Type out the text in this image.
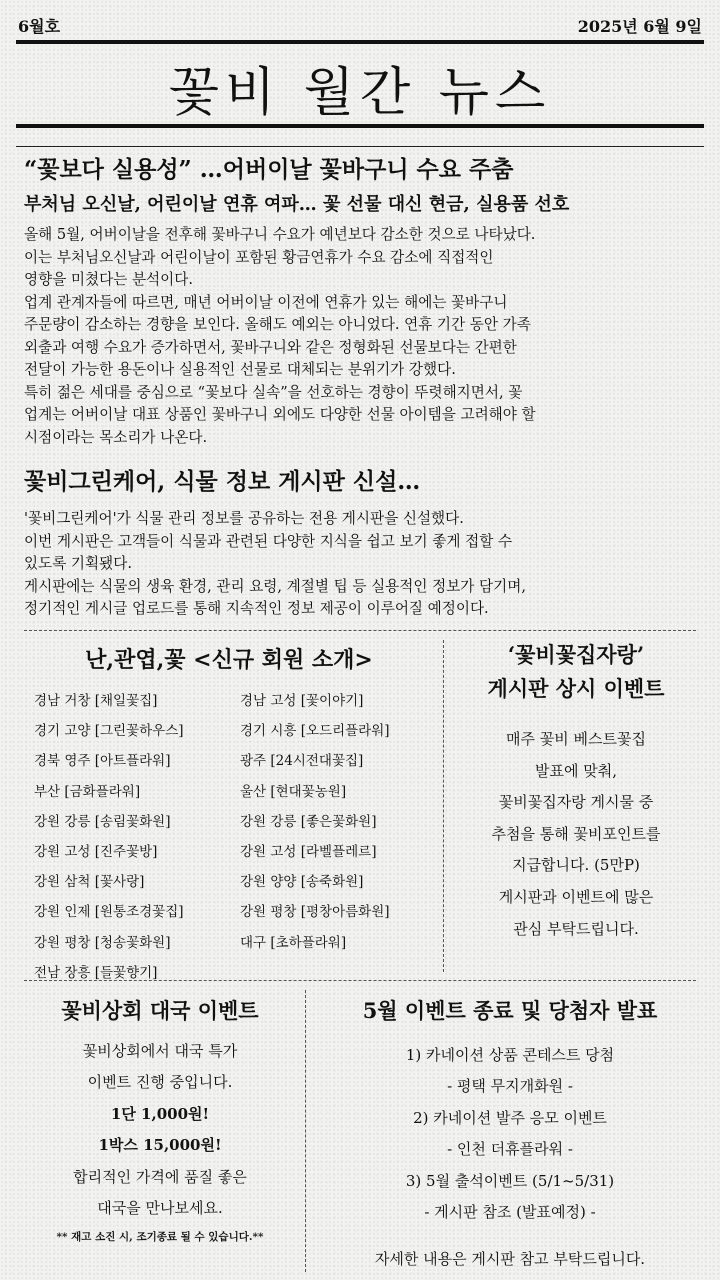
6월호	2025년 6월 9일
꽃비 월간 뉴스
“꽃보다 실용성” …어버이날 꽃바구니 수요 주춤
부처님 오신날, 어린이날 연휴 여파… 꽃 선물 대신 현금, 실용품 선호

올해 5월, 어버이날을 전후해 꽃바구니 수요가 예년보다 감소한 것으로 나타났다.

이는 부처님오신날과 어린이날이 포함된 황금연휴가 수요 감소에 직접적인

영향을 미쳤다는 분석이다.

업계 관계자들에 따르면, 매년 어버이날 이전에 연휴가 있는 해에는 꽃바구니

주문량이 감소하는 경향을 보인다. 올해도 예외는 아니었다. 연휴 기간 동안 가족

외출과 여행 수요가 증가하면서, 꽃바구니와 같은 정형화된 선물보다는 간편한

전달이 가능한 용돈이나 실용적인 선물로 대체되는 분위기가 강했다.

특히 젊은 세대를 중심으로 “꽃보다 실속”을 선호하는 경향이 뚜렷해지면서, 꽃

업계는 어버이날 대표 상품인 꽃바구니 외에도 다양한 선물 아이템을 고려해야 할

시점이라는 목소리가 나온다.

꽃비그린케어, 식물 정보 게시판 신설…

'꽃비그린케어'가 식물 관리 정보를 공유하는 전용 게시판을 신설했다.

이번 게시판은 고객들이 식물과 관련된 다양한 지식을 쉽고 보기 좋게 접할 수

있도록 기획됐다.

게시판에는 식물의 생육 환경, 관리 요령, 계절별 팁 등 실용적인 정보가 담기며,

정기적인 게시글 업로드를 통해 지속적인 정보 제공이 이루어질 예정이다.

난,관엽,꽃 <신규 회원 소개>
경남 거창 [채일꽃집]
경기 고양 [그린꽃하우스]
경북 영주 [아트플라워]
부산 [금화플라워]
강원 강릉 [송림꽃화원]
강원 고성 [진주꽃방]
강원 삼척 [꽃사랑]
강원 인제 [원통조경꽃집]
강원 평창 [청송꽃화원]
전남 장흥 [들꽃향기]
경남 고성 [꽃이야기]
경기 시흥 [오드리플라워]
광주 [24시전대꽃집]
울산 [현대꽃농원]
강원 강릉 [좋은꽃화원]
강원 고성 [라벨플레르]
강원 양양 [송죽화원]
강원 평창 [평창아름화원]
대구 [초하플라워]
‘꽃비꽃집자랑’
게시판 상시 이벤트

매주 꽃비 베스트꽃집

발표에 맞춰,

꽃비꽃집자랑 게시물 중

추첨을 통해 꽃비포인트를

지급합니다. (5만P)

게시판과 이벤트에 많은

관심 부탁드립니다.

꽃비상회 대국 이벤트

꽃비상회에서 대국 특가

이벤트 진행 중입니다.

1단 1,000원!

1박스 15,000원!

합리적인 가격에 품질 좋은

대국을 만나보세요.

** 재고 소진 시, 조기종료 될 수 있습니다.**
5월 이벤트 종료 및 당첨자 발표

1) 카네이션 상품 콘테스트 당첨

- 평택 무지개화원 -

2) 카네이션 발주 응모 이벤트

- 인천 더휴플라워 -

3) 5월 출석이벤트 (5/1~5/31)

- 게시판 참조 (발표예정) -

자세한 내용은 게시판 참고 부탁드립니다.
